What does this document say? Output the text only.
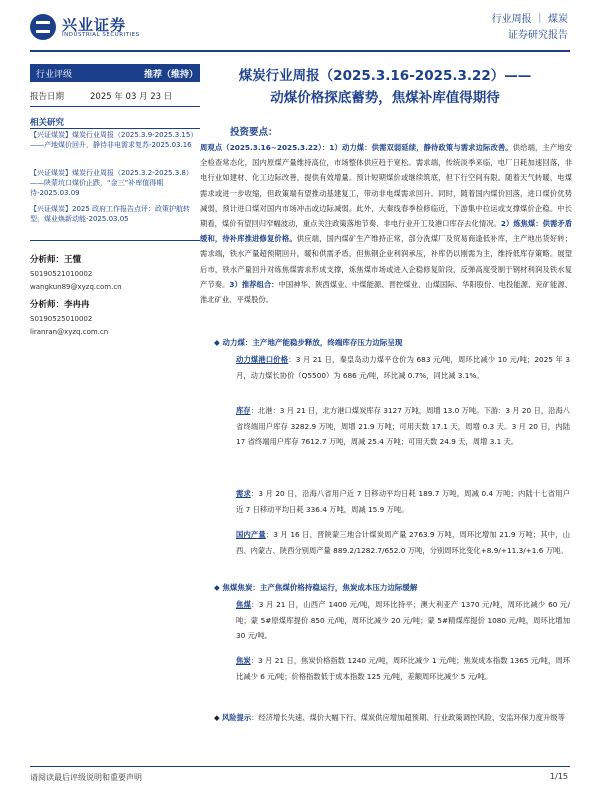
兴业证券
INDUSTRIAL SECURITIES
行业周报 ｜ 煤炭
证券研究报告
行业评级	推荐（维持）
报告日期	2025 年 03 月 23 日
相关研究
【兴证煤炭】煤炭行业周报（2025.3.9-2025.3.15）——产地煤价回升，静待非电需求复苏-2025.03.16
【兴证煤炭】煤炭行业周报（2025.3.2-2025.3.8）——陕蒙坑口煤价止跌，“金三”补库值得期待-2025.03.09
【兴证煤炭】2025 政府工作报告点评：政策护航转型，煤业焕新动能-2025.03.05
分析师：王懂
S0190521010002
wangkun89@xyzq.com.cn
分析师：李冉冉
S0190525010002
liranran@xyzq.com.cn
煤炭行业周报（2025.3.16-2025.3.22）——
动煤价格探底蓄势，焦煤补库值得期待
投资要点：
周观点（2025.3.16~2025.3.22）：1）动力煤：供需双弱延续，静待政策与需求边际改善。供给端，主产地安全检查常态化，国内原煤产量维持高位，市场整体供应趋于宽松。需求端，传统淡季来临，电厂日耗加速回落，非电行业如建材、化工边际改善，提供有效增量。预计短期煤价或继续筑底，但下行空间有限。随着天气转暖，电煤需求或进一步收缩，但政策端有望推动基建复工，带动非电煤需求回升。同时，随着国内煤价回落，进口煤价优势减弱，预计进口煤对国内市场冲击或边际减弱。此外，大秦线春季检修临近，下游集中拉运或支撑煤价企稳。中长期看，煤价有望回归窄幅波动，重点关注政策落地节奏、非电行业开工及港口库存去化情况。2）炼焦煤：供需矛盾缓和，待补库推进修复价格。供应端，国内煤矿生产维持正常，部分洗煤厂及贸易商逢低补库，主产地出货好转；需求端，铁水产量超预期回升，暖和供需矛盾，但焦钢企业利润承压，补库仍以刚需为主，维持低库存策略。展望后市，铁水产量回升对炼焦煤需求形成支撑，炼焦煤市场或进入企稳修复阶段，反弹高度受制于钢材利润及铁水复产节奏。3）推荐组合：中国神华、陕西煤业、中煤能源、晋控煤业、山煤国际、华阳股份、电投能源、兖矿能源、淮北矿业、平煤股份。
◆ 动力煤：主产地产能稳步释放，终端库存压力边际呈现
动力煤港口价格：3 月 21 日，秦皇岛动力煤平仓价为 683 元/吨，周环比减少 10 元/吨；2025 年 3 月，动力煤长协价（Q5500）为 686 元/吨，环比减 0.7%，同比减 3.1%。
库存：北港：3 月 21 日，北方港口煤炭库存 3127 万吨，周增 13.0 万吨。下游：3 月 20 日，沿海八省终端用户库存 3282.9 万吨，周增 21.9 万吨；可用天数 17.1 天，周增 0.3 天。3 月 20 日，内陆 17 省终端用户库存 7612.7 万吨，周减 25.4 万吨；可用天数 24.9 天，周增 3.1 天。
需求：3 月 20 日，沿海八省用户近 7 日移动平均日耗 189.7 万吨，周减 0.4 万吨；内陆十七省用户近 7 日移动平均日耗 336.4 万吨，周减 15.9 万吨。
国内产量：3 月 16 日，晋陕蒙三地合计煤炭周产量 2763.9 万吨，周环比增加 21.9 万吨；其中，山西、内蒙古、陕西分别周产量 889.2/1282.7/652.0 万吨，分别周环比变化+8.9/+11.3/+1.6 万吨。
◆ 焦煤焦炭：主产焦煤价格持稳运行，焦炭成本压力边际缓解
焦煤：3 月 21 日，山西产 1400 元/吨，周环比持平；澳大利亚产 1370 元/吨，周环比减少 60 元/吨；蒙 5#原煤库提价 850 元/吨，周环比减少 20 元/吨；蒙 5#精煤库提价 1080 元/吨，周环比增加 30 元/吨。
焦炭：3 月 21 日，焦炭价格指数 1240 元/吨，周环比减少 1 元/吨；焦炭成本指数 1365 元/吨，周环比减少 6 元/吨；价格指数低于成本指数 125 元/吨，差额周环比减少 5 元/吨。
◆ 风险提示：经济增长失速、煤价大幅下行、煤炭供应增加超预期、行业政策调控风险、安监环保力度升级等
请阅读最后评级说明和重要声明	1/15
